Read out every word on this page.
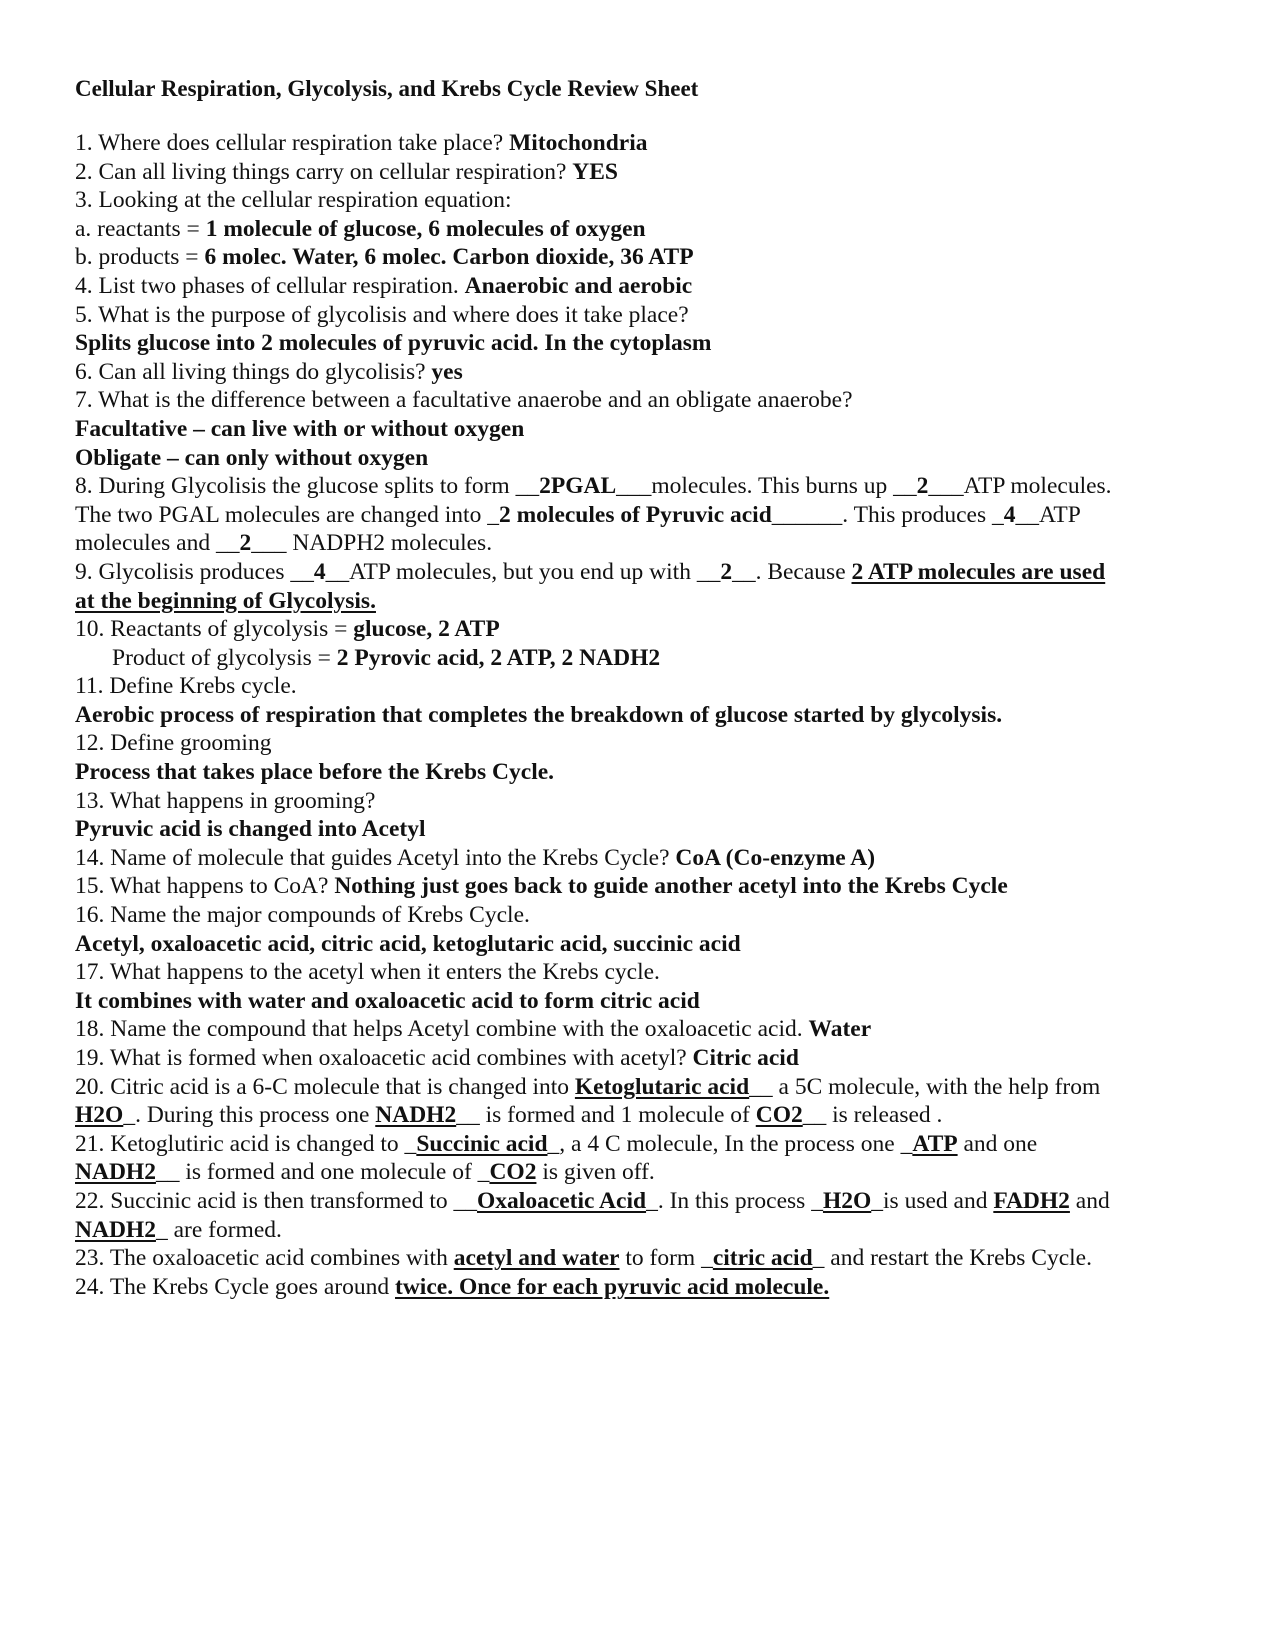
Cellular Respiration, Glycolysis, and Krebs Cycle Review Sheet
1. Where does cellular respiration take place? Mitochondria
2. Can all living things carry on cellular respiration? YES
3. Looking at the cellular respiration equation:
a. reactants = 1 molecule of glucose, 6 molecules of oxygen
b. products = 6 molec. Water, 6 molec. Carbon dioxide, 36 ATP
4. List two phases of cellular respiration. Anaerobic and aerobic
5. What is the purpose of glycolisis and where does it take place?
Splits glucose into 2 molecules of pyruvic acid. In the cytoplasm
6. Can all living things do glycolisis? yes
7. What is the difference between a facultative anaerobe and an obligate anaerobe?
Facultative – can live with or without oxygen
Obligate – can only without oxygen
8. During Glycolisis the glucose splits to form __2PGAL___molecules. This burns up __2___ATP molecules.
The two PGAL molecules are changed into _2 molecules of Pyruvic acid______. This produces _4__ATP
molecules and __2___ NADPH2 molecules.
9. Glycolisis produces __4__ATP molecules, but you end up with __2__. Because 2 ATP molecules are used
at the beginning of Glycolysis.
10. Reactants of glycolysis = glucose, 2 ATP
Product of glycolysis = 2 Pyrovic acid, 2 ATP, 2 NADH2
11. Define Krebs cycle.
Aerobic process of respiration that completes the breakdown of glucose started by glycolysis.
12. Define grooming
Process that takes place before the Krebs Cycle.
13. What happens in grooming?
Pyruvic acid is changed into Acetyl
14. Name of molecule that guides Acetyl into the Krebs Cycle? CoA (Co-enzyme A)
15. What happens to CoA? Nothing just goes back to guide another acetyl into the Krebs Cycle
16. Name the major compounds of Krebs Cycle.
Acetyl, oxaloacetic acid, citric acid, ketoglutaric acid, succinic acid
17. What happens to the acetyl when it enters the Krebs cycle.
It combines with water and oxaloacetic acid to form citric acid
18. Name the compound that helps Acetyl combine with the oxaloacetic acid. Water
19. What is formed when oxaloacetic acid combines with acetyl? Citric acid
20. Citric acid is a 6-C molecule that is changed into Ketoglutaric acid__ a 5C molecule, with the help from
H2O_. During this process one NADH2__ is formed and 1 molecule of CO2__ is released .
21. Ketoglutiric acid is changed to _Succinic acid_, a 4 C molecule, In the process one _ATP and one
NADH2__ is formed and one molecule of _CO2 is given off.
22. Succinic acid is then transformed to __Oxaloacetic Acid_. In this process _H2O_is used and FADH2 and
NADH2_ are formed.
23. The oxaloacetic acid combines with acetyl and water to form _citric acid_ and restart the Krebs Cycle.
24. The Krebs Cycle goes around twice. Once for each pyruvic acid molecule.
